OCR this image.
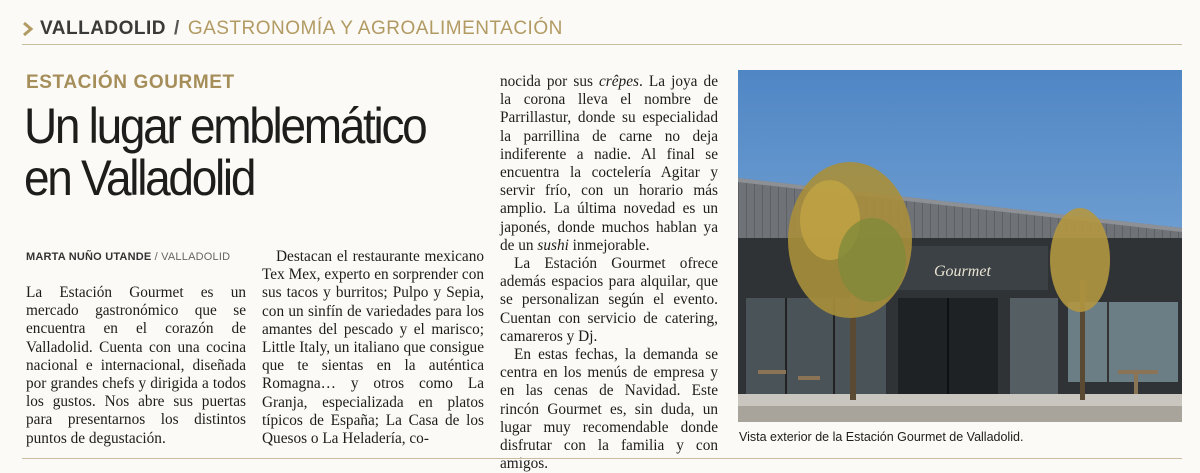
VALLADOLID / GASTRONOMÍA Y AGROALIMENTACIÓN
ESTACIÓN GOURMET
Un lugar emblemático
en Valladolid
MARTA NUÑO UTANDE / VALLADOLID

La Estación Gourmet es un mercado gastronómico que se encuentra en el corazón de Valladolid. Cuenta con una cocina nacional e internacional, diseñada por grandes chefs y dirigida a todos los gustos. Nos abre sus puertas para presentarnos los distintos puntos de degustación.

Destacan el restaurante mexicano Tex Mex, experto en sorprender con sus tacos y burritos; Pulpo y Sepia, con un sinfín de variedades para los amantes del pescado y el marisco; Little Italy, un italiano que consigue que te sientas en la auténtica Romagna… y otros como La Granja, especializada en platos típicos de España; La Casa de los Quesos o La Heladería, co-

nocida por sus crêpes. La joya de la corona lleva el nombre de Parrillastur, donde su especialidad la parrillina de carne no deja indiferente a nadie. Al final se encuentra la coctelería Agitar y servir frío, con un horario más amplio. La última novedad es un japonés, donde muchos hablan ya de un sushi inmejorable.

La Estación Gourmet ofrece además espacios para alquilar, que se personalizan según el evento. Cuentan con servicio de catering, camareros y Dj.

En estas fechas, la demanda se centra en los menús de empresa y en las cenas de Navidad. Este rincón Gourmet es, sin duda, un lugar muy recomendable donde disfrutar con la familia y con amigos.

Gourmet
Vista exterior de la Estación Gourmet de Valladolid.
